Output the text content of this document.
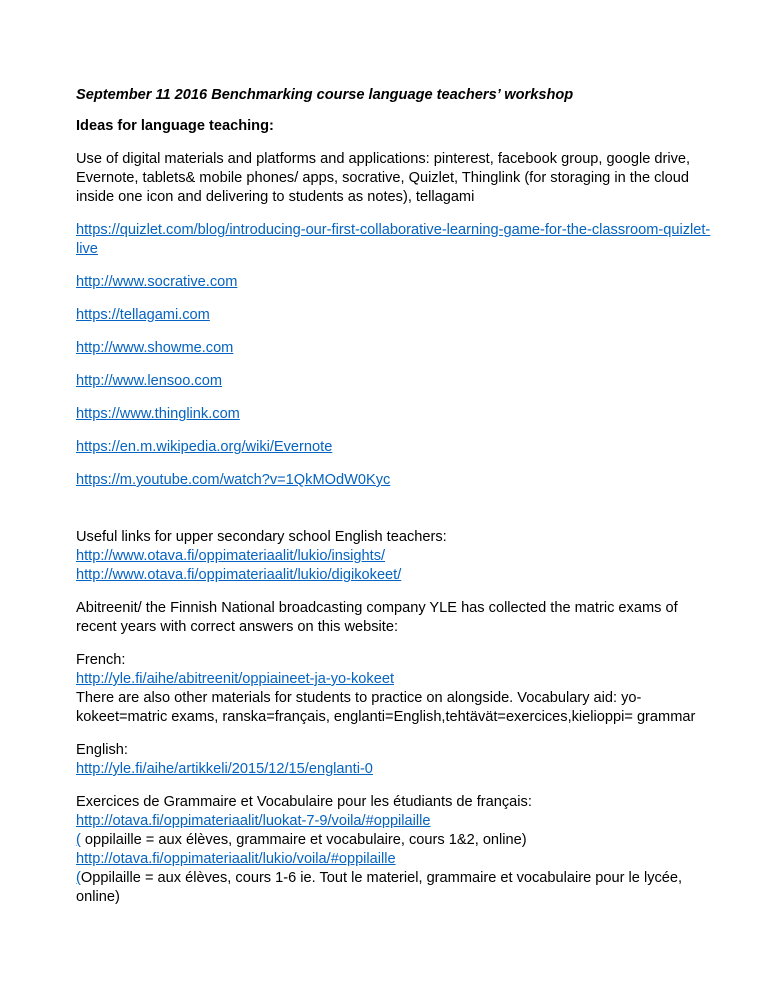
September 11 2016 Benchmarking course language teachers’ workshop

Ideas for language teaching:

Use of digital materials and platforms and applications: pinterest, facebook group, google drive, Evernote, tablets& mobile phones/ apps, socrative, Quizlet, Thinglink (for storaging in the cloud inside one icon and delivering to students as notes), tellagami

https://quizlet.com/blog/introducing-our-first-collaborative-learning-game-for-the-classroom-quizlet-live

http://www.socrative.com

https://tellagami.com

http://www.showme.com

http://www.lensoo.com

https://www.thinglink.com

https://en.m.wikipedia.org/wiki/Evernote

https://m.youtube.com/watch?v=1QkMOdW0Kyc

Useful links for upper secondary school English teachers:
http://www.otava.fi/oppimateriaalit/lukio/insights/
http://www.otava.fi/oppimateriaalit/lukio/digikokeet/

Abitreenit/ the Finnish National broadcasting company YLE has collected the matric exams of recent years with correct answers on this website:

French:
http://yle.fi/aihe/abitreenit/oppiaineet-ja-yo-kokeet
There are also other materials for students to practice on alongside. Vocabulary aid: yo-kokeet=matric exams, ranska=français, englanti=English,tehtävät=exercices,kielioppi= grammar

English:
http://yle.fi/aihe/artikkeli/2015/12/15/englanti-0

Exercices de Grammaire et Vocabulaire pour les étudiants de français:
http://otava.fi/oppimateriaalit/luokat-7-9/voila/#oppilaille
( oppilaille = aux élèves, grammaire et vocabulaire, cours 1&2, online)
http://otava.fi/oppimateriaalit/lukio/voila/#oppilaille
(Oppilaille = aux élèves, cours 1-6 ie. Tout le materiel, grammaire et vocabulaire pour le lycée, online)
